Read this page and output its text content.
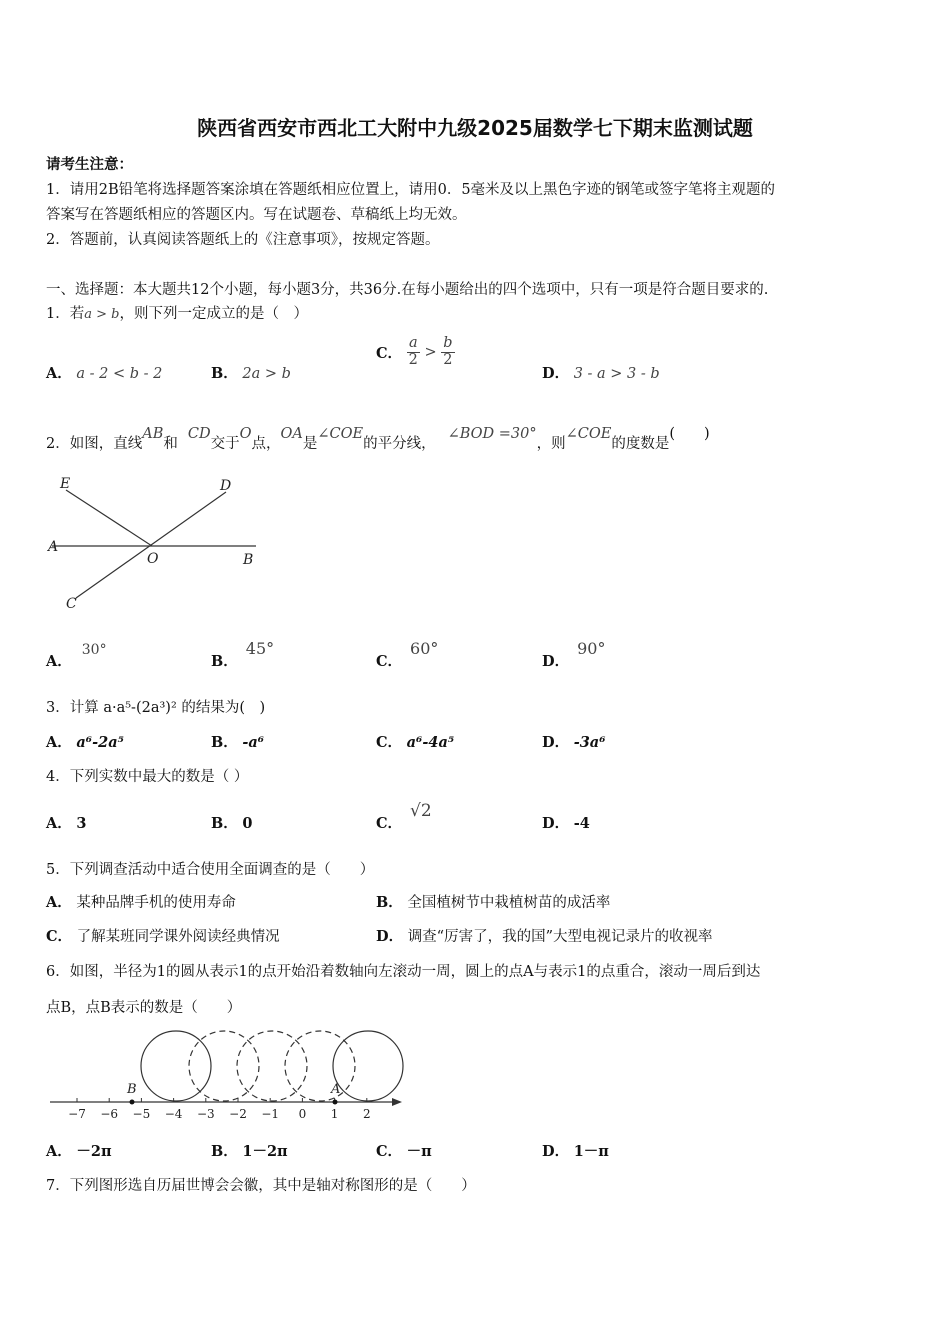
陕西省西安市西北工大附中九级2025届数学七下期末监测试题
请考生注意：
1．请用2B铅笔将选择题答案涂填在答题纸相应位置上，请用0．5毫米及以上黑色字迹的钢笔或签字笔将主观题的
答案写在答题纸相应的答题区内。写在试题卷、草稿纸上均无效。
2．答题前，认真阅读答题纸上的《注意事项》，按规定答题。
一、选择题：本大题共12个小题，每小题3分，共36分.在每小题给出的四个选项中，只有一项是符合题目要求的.
1．若a > b，则下列一定成立的是（　）
A． a - 2 < b - 2	B． 2a > b
C． $\frac{a}{2} > \frac{b}{2}$
D． 3 - a > 3 - b
2．如图，直线AB和CD交于O点，OA是∠COE的平分线，∠BOD =30°，则∠COE的度数是(　　)
E	D
A
O	B
C
A．30°
B．45°
C．60°
D．90°
3．计算 a·a⁵-(2a³)² 的结果为(　)
A． a⁶-2a⁵	B． -a⁶	C． a⁶-4a⁵	D． -3a⁶
4．下列实数中最大的数是（ ）
A． 3	B． 0	C．√2
D． -4
5．下列调查活动中适合使用全面调查的是（　　）
A． 某种品牌手机的使用寿命	B． 全国植树节中栽植树苗的成活率
C． 了解某班同学课外阅读经典情况	D． 调查“厉害了，我的国”大型电视记录片的收视率
6．如图，半径为1的圆从表示1的点开始沿着数轴向左滚动一周，圆上的点A与表示1的点重合，滚动一周后到达
点B，点B表示的数是（　　）
−7 −6 −5 −4 −3 −2 −1 0 1 2
B	A
A． －2π	B． 1－2π	C． －π	D． 1－π
7．下列图形选自历届世博会会徽，其中是轴对称图形的是（　　）
